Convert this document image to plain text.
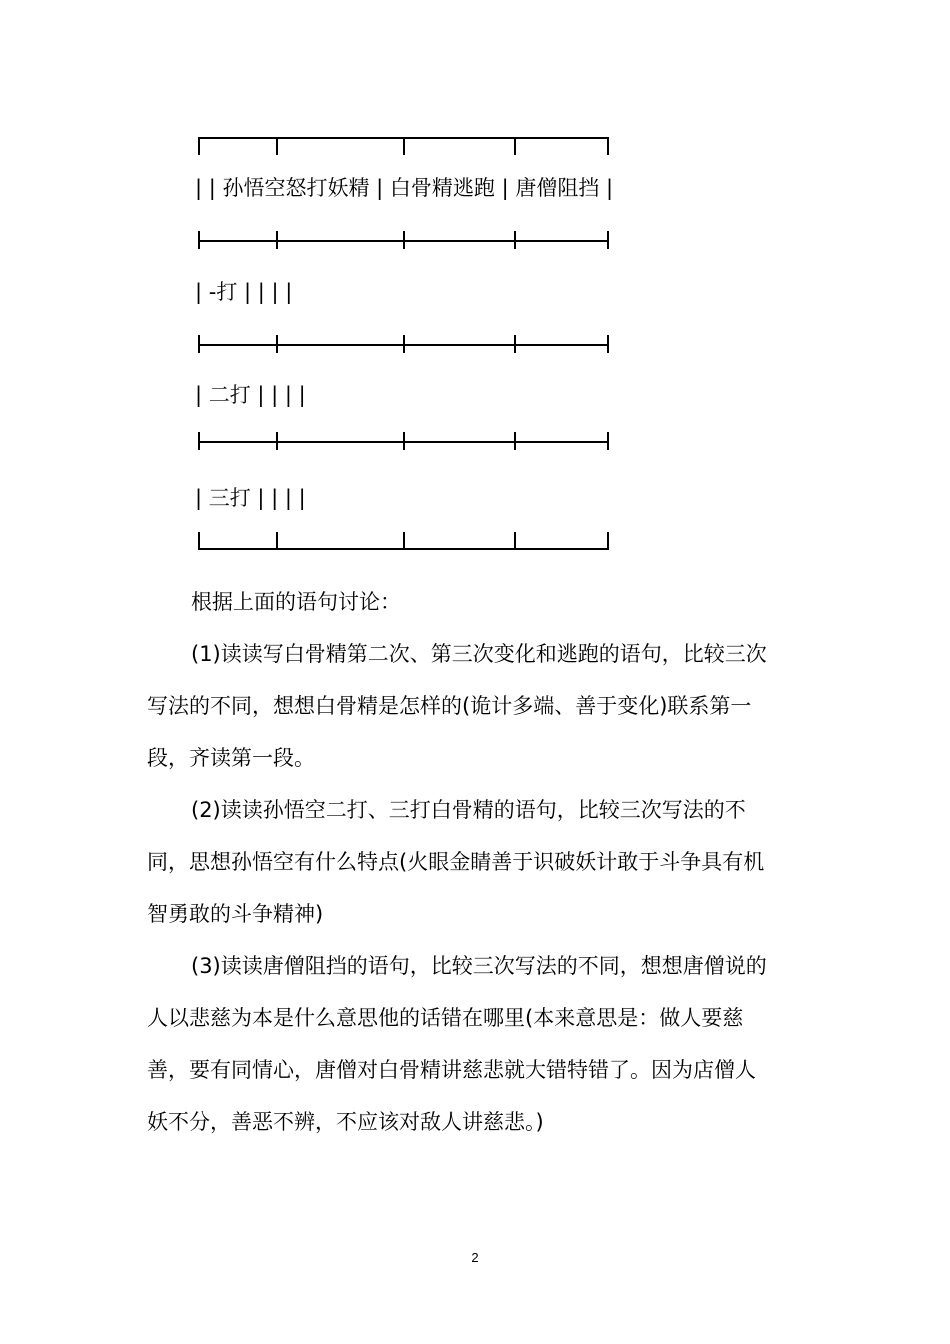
| | 孙悟空怒打妖精 | 白骨精逃跑 | 唐僧阻挡 |
| -打 | | | |
| 二打 | | | |
| 三打 | | | |
根据上面的语句讨论：
(1)读读写白骨精第二次、第三次变化和逃跑的语句，比较三次
写法的不同，想想白骨精是怎样的(诡计多端、善于变化)联系第一
段，齐读第一段。
(2)读读孙悟空二打、三打白骨精的语句，比较三次写法的不
同，思想孙悟空有什么特点(火眼金睛善于识破妖计敢于斗争具有机
智勇敢的斗争精神)
(3)读读唐僧阻挡的语句，比较三次写法的不同，想想唐僧说的
人以悲慈为本是什么意思他的话错在哪里(本来意思是：做人要慈
善，要有同情心，唐僧对白骨精讲慈悲就大错特错了。因为店僧人
妖不分，善恶不辨，不应该对敌人讲慈悲。)
2
